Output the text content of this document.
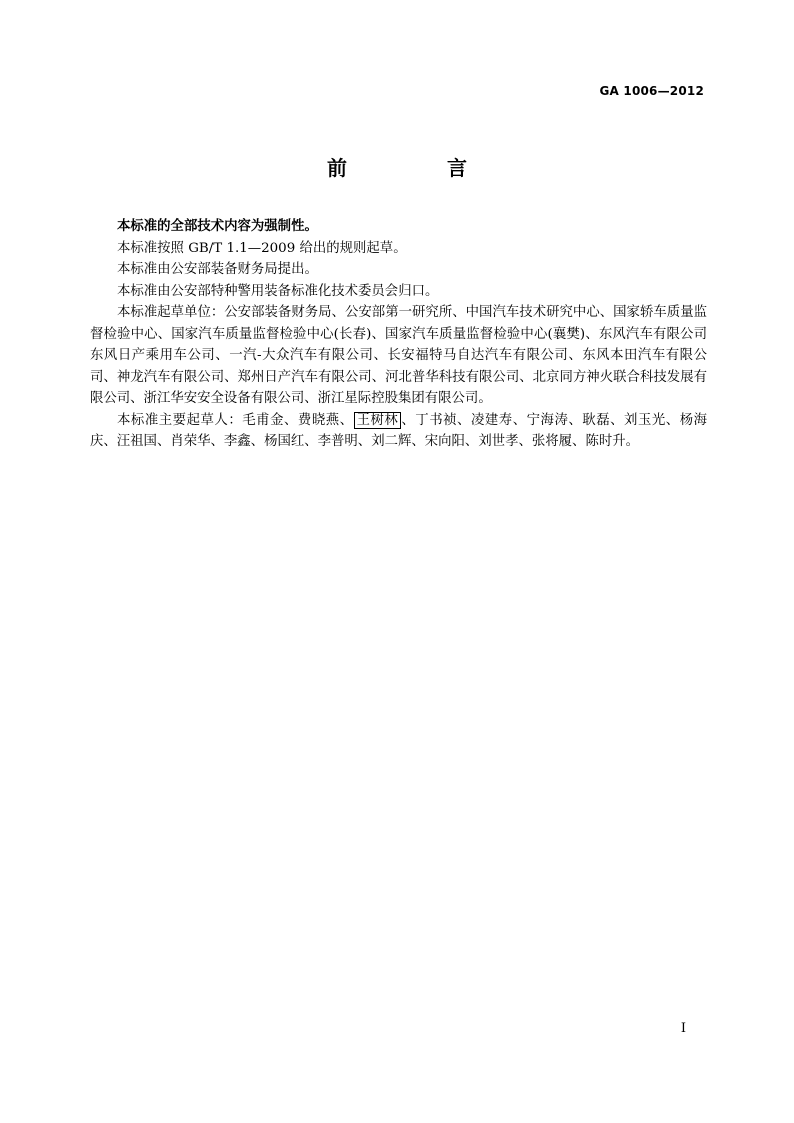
GA 1006—2012
前　言

本标准的全部技术内容为强制性。

本标准按照 GB/T 1.1—2009 给出的规则起草。

本标准由公安部装备财务局提出。

本标准由公安部特种警用装备标准化技术委员会归口。

本标准起草单位：公安部装备财务局、公安部第一研究所、中国汽车技术研究中心、国家轿车质量监督检验中心、国家汽车质量监督检验中心(长春)、国家汽车质量监督检验中心(襄樊)、东风汽车有限公司东风日产乘用车公司、一汽-大众汽车有限公司、长安福特马自达汽车有限公司、东风本田汽车有限公司、神龙汽车有限公司、郑州日产汽车有限公司、河北普华科技有限公司、北京同方神火联合科技发展有限公司、浙江华安安全设备有限公司、浙江星际控股集团有限公司。

本标准主要起草人：毛甫金、费晓燕、 王树林 、丁书祯、凌建寿、宁海涛、耿磊、刘玉光、杨海庆、汪祖国、肖荣华、李鑫、杨国红、李普明、刘二辉、宋向阳、刘世孝、张将履、陈时升。

I
